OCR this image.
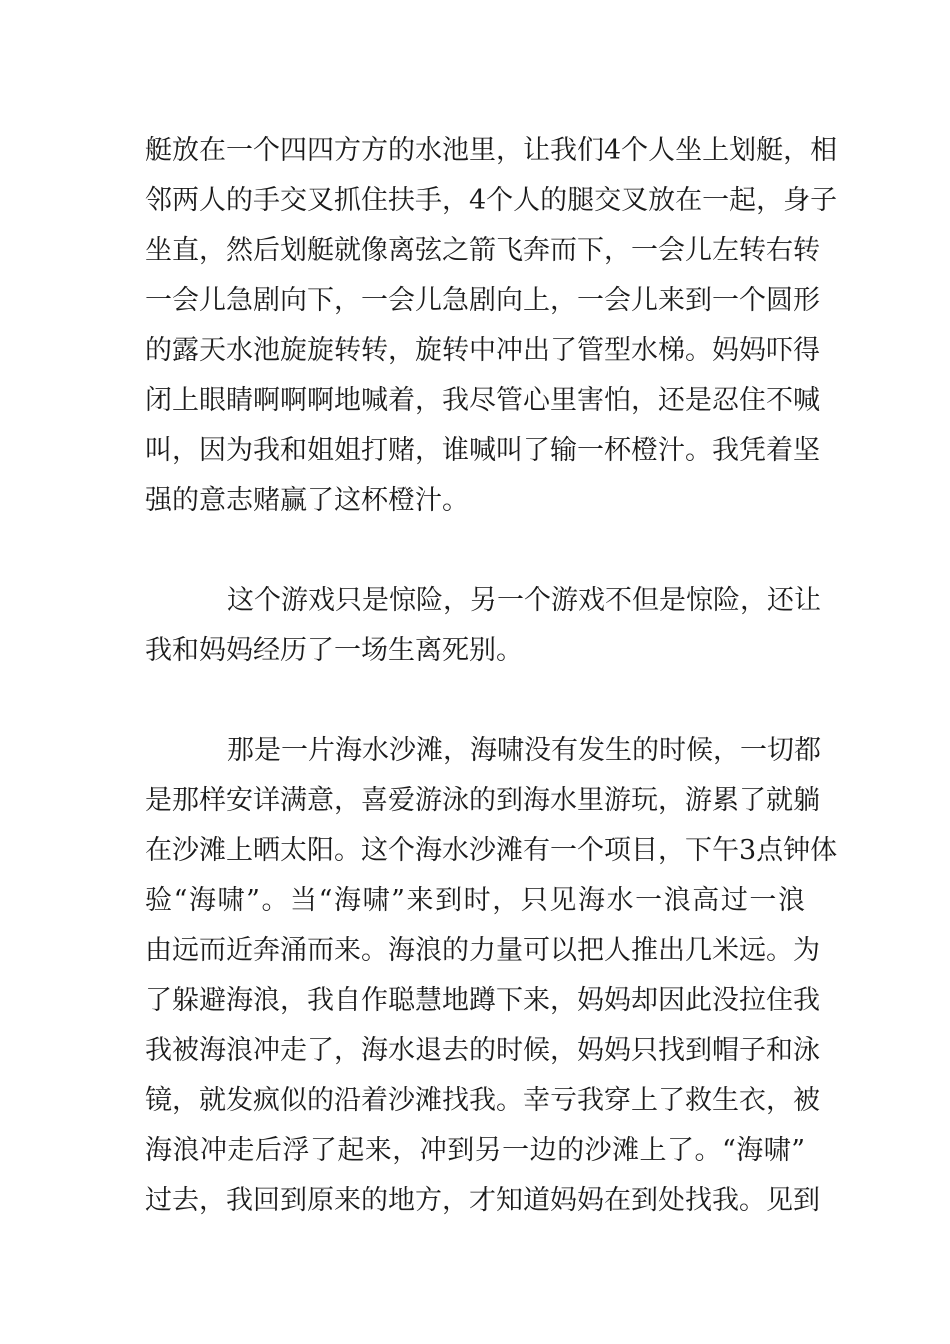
艇放在一个四四方方的水池里，让我们4个人坐上划艇，相
邻两人的手交叉抓住扶手，4个人的腿交叉放在一起，身子
坐直，然后划艇就像离弦之箭飞奔而下，一会儿左转右转
一会儿急剧向下，一会儿急剧向上，一会儿来到一个圆形
的露天水池旋旋转转，旋转中冲出了管型水梯。妈妈吓得
闭上眼睛啊啊啊地喊着，我尽管心里害怕，还是忍住不喊
叫，因为我和姐姐打赌，谁喊叫了输一杯橙汁。我凭着坚
强的意志赌赢了这杯橙汁。
这个游戏只是惊险，另一个游戏不但是惊险，还让
我和妈妈经历了一场生离死别。
那是一片海水沙滩，海啸没有发生的时候，一切都
是那样安详满意，喜爱游泳的到海水里游玩，游累了就躺
在沙滩上晒太阳。这个海水沙滩有一个项目，下午3点钟体
验“海啸”。当“海啸”来到时，只见海水一浪高过一浪
由远而近奔涌而来。海浪的力量可以把人推出几米远。为
了躲避海浪，我自作聪慧地蹲下来，妈妈却因此没拉住我
我被海浪冲走了，海水退去的时候，妈妈只找到帽子和泳
镜，就发疯似的沿着沙滩找我。幸亏我穿上了救生衣，被
海浪冲走后浮了起来，冲到另一边的沙滩上了。“海啸”
过去，我回到原来的地方，才知道妈妈在到处找我。见到
